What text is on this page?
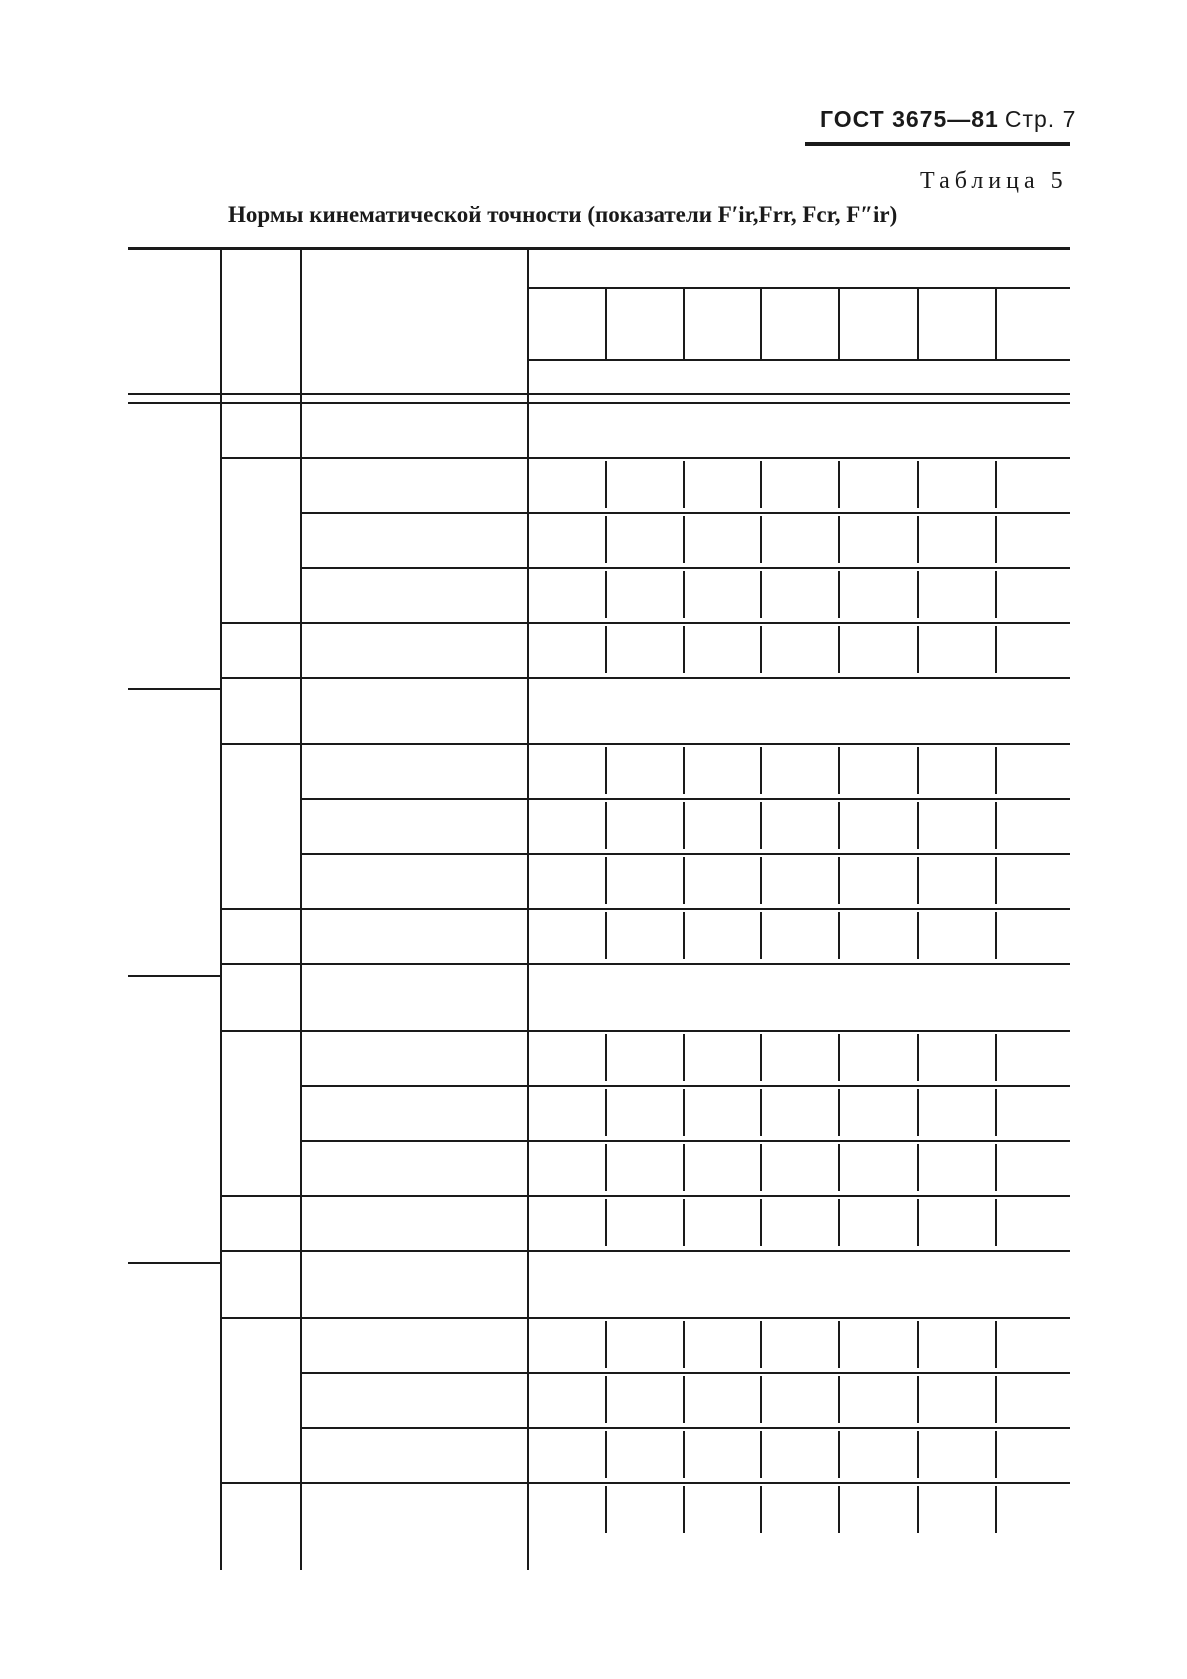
ГОСТ 3675—81 Стр. 7
Таблица 5
Нормы кинематической точности (показатели F′ir,Frr, Fcr, F″ir)
